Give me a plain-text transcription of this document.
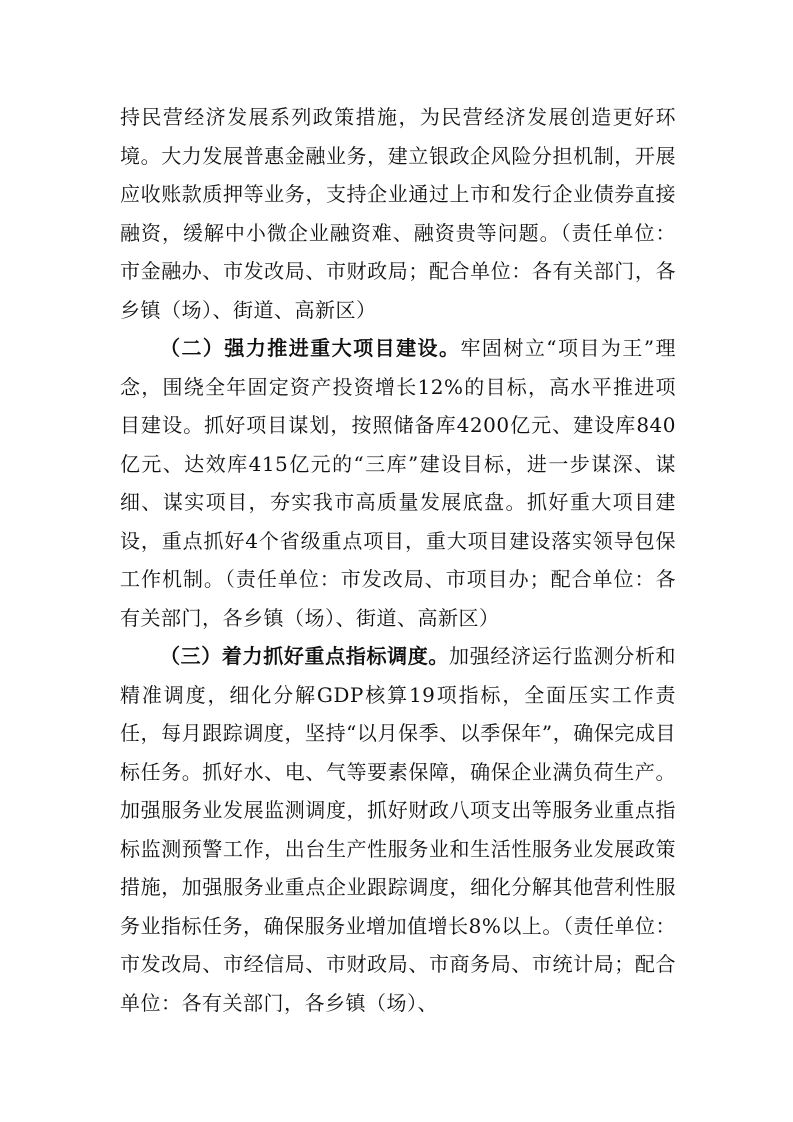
持民营经济发展系列政策措施，为民营经济发展创造更好环境。大力发展普惠金融业务，建立银政企风险分担机制，开展应收账款质押等业务，支持企业通过上市和发行企业债券直接融资，缓解中小微企业融资难、融资贵等问题。（责任单位：市金融办、市发改局、市财政局；配合单位：各有关部门，各乡镇（场）、街道、高新区）

（二）强力推进重大项目建设。牢固树立“项目为王”理念，围绕全年固定资产投资增长12%的目标，高水平推进项目建设。抓好项目谋划，按照储备库4200亿元、建设库840亿元、达效库415亿元的“三库”建设目标，进一步谋深、谋细、谋实项目，夯实我市高质量发展底盘。抓好重大项目建设，重点抓好4个省级重点项目，重大项目建设落实领导包保工作机制。（责任单位：市发改局、市项目办；配合单位：各有关部门，各乡镇（场）、街道、高新区）

（三）着力抓好重点指标调度。加强经济运行监测分析和精准调度，细化分解GDP核算19项指标，全面压实工作责任，每月跟踪调度，坚持“以月保季、以季保年”，确保完成目标任务。抓好水、电、气等要素保障，确保企业满负荷生产。加强服务业发展监测调度，抓好财政八项支出等服务业重点指标监测预警工作，出台生产性服务业和生活性服务业发展政策措施，加强服务业重点企业跟踪调度，细化分解其他营利性服务业指标任务，确保服务业增加值增长8%以上。（责任单位：市发改局、市经信局、市财政局、市商务局、市统计局；配合单位：各有关部门，各乡镇（场）、
